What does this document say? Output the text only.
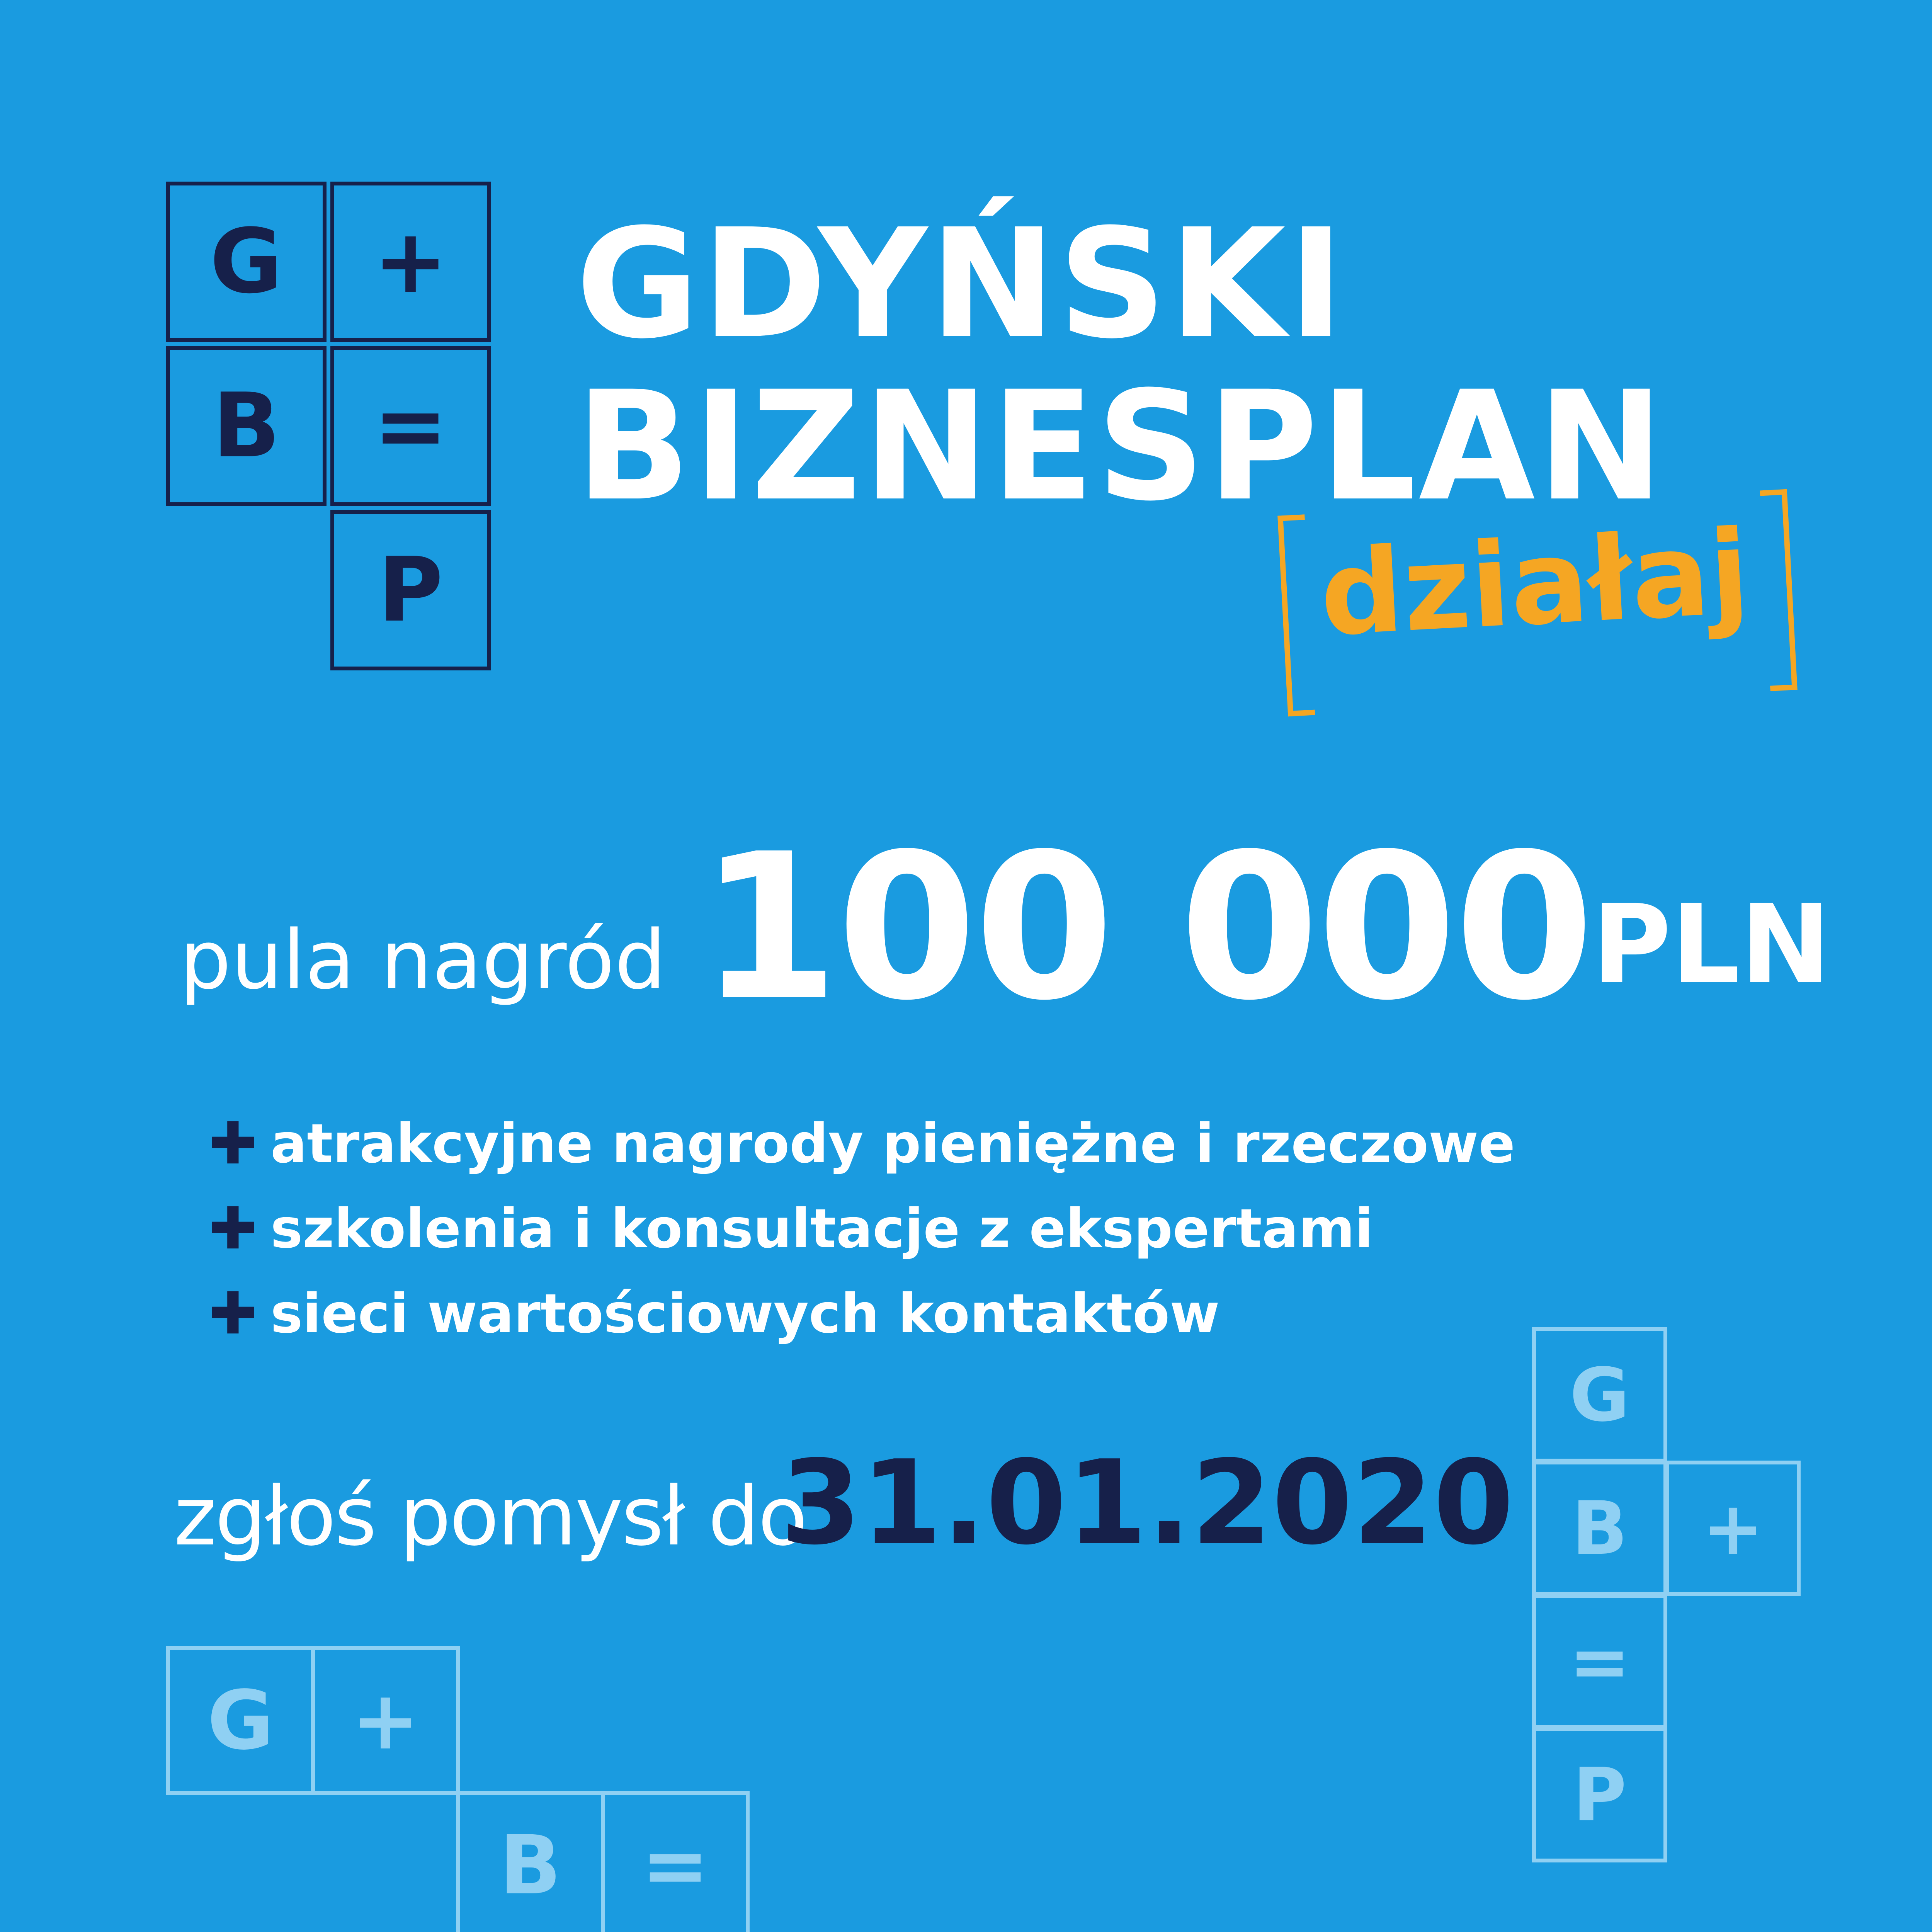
G	+
B	=
P
GDYŃSKI
BIZNESPLAN
działaj
pula nagród 100 000 PLN
✚ atrakcyjne nagrody pieniężne i rzeczowe
✚ szkolenia i konsultacje z ekspertami
✚ sieci wartościowych kontaktów
zgłoś pomysł do
31.01.2020
G
B	+
=
P
G +
B =
